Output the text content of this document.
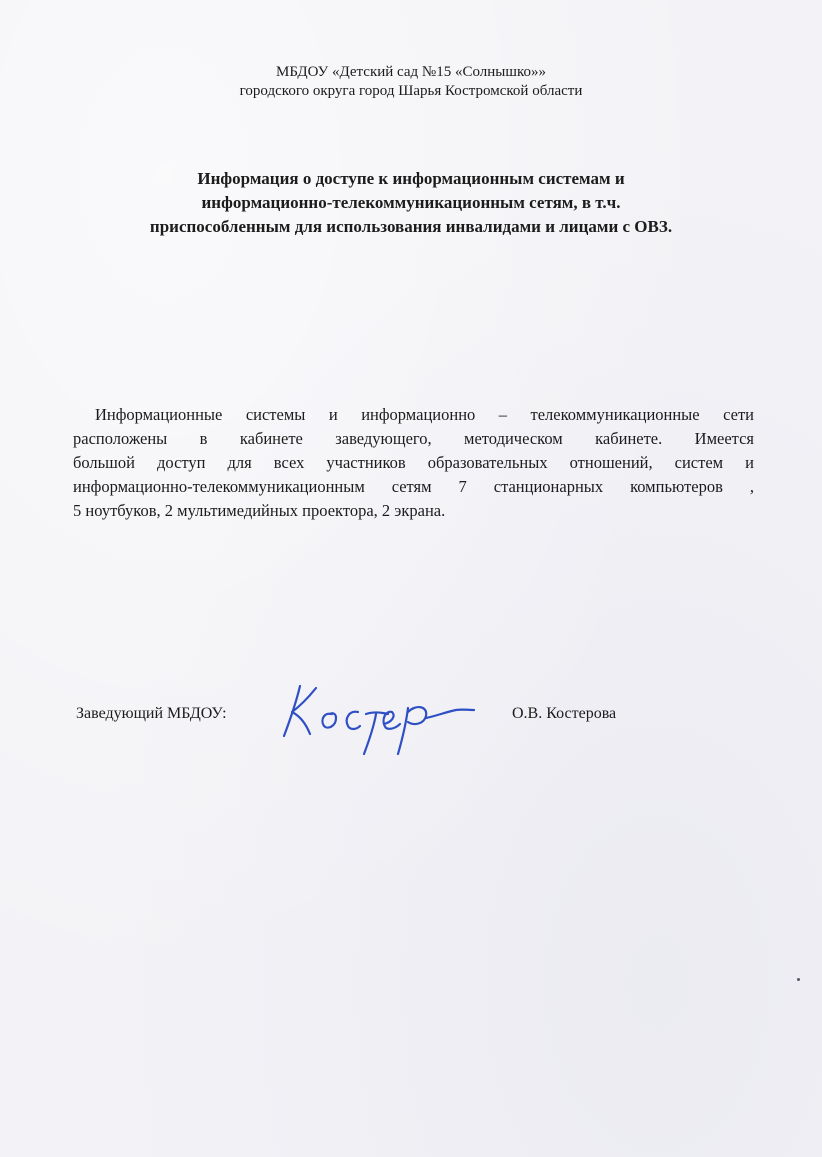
МБДОУ «Детский сад №15 «Солнышко»»
городского округа город Шарья Костромской области
Информация о доступе к информационным системам и
информационно-телекоммуникационным сетям, в т.ч.
приспособленным для использования инвалидами и лицами с ОВЗ.
Информационные системы и информационно – телекоммуникационные сети
расположены в кабинете заведующего, методическом кабинете. Имеется
большой доступ для всех участников образовательных отношений, систем и
информационно-телекоммуникационным сетям 7 станционарных компьютеров ,
5 ноутбуков, 2 мультимедийных проектора, 2 экрана.
Заведующий МБДОУ:	О.В. Костерова
